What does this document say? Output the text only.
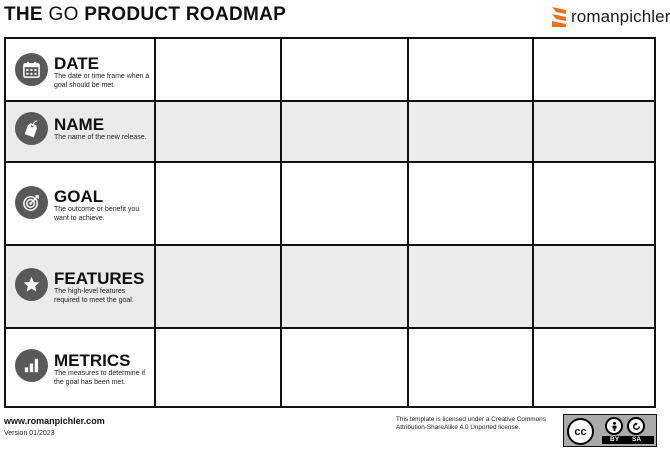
THE GO PRODUCT ROADMAP	romanpichler
DATE
The date or time frame when a goal should be met.
NAME
The name of the new release.
GOAL
The outcome or benefit you want to achieve.
FEATURES
The high-level features required to meet the goal.
METRICS
The measures to determine if the goal has been met.
www.romanpichler.com
Version 01/2023
This template is licensed under a Creative Commons Attribution-ShareAlike 4.0 Unported license.	cc
BY SA
